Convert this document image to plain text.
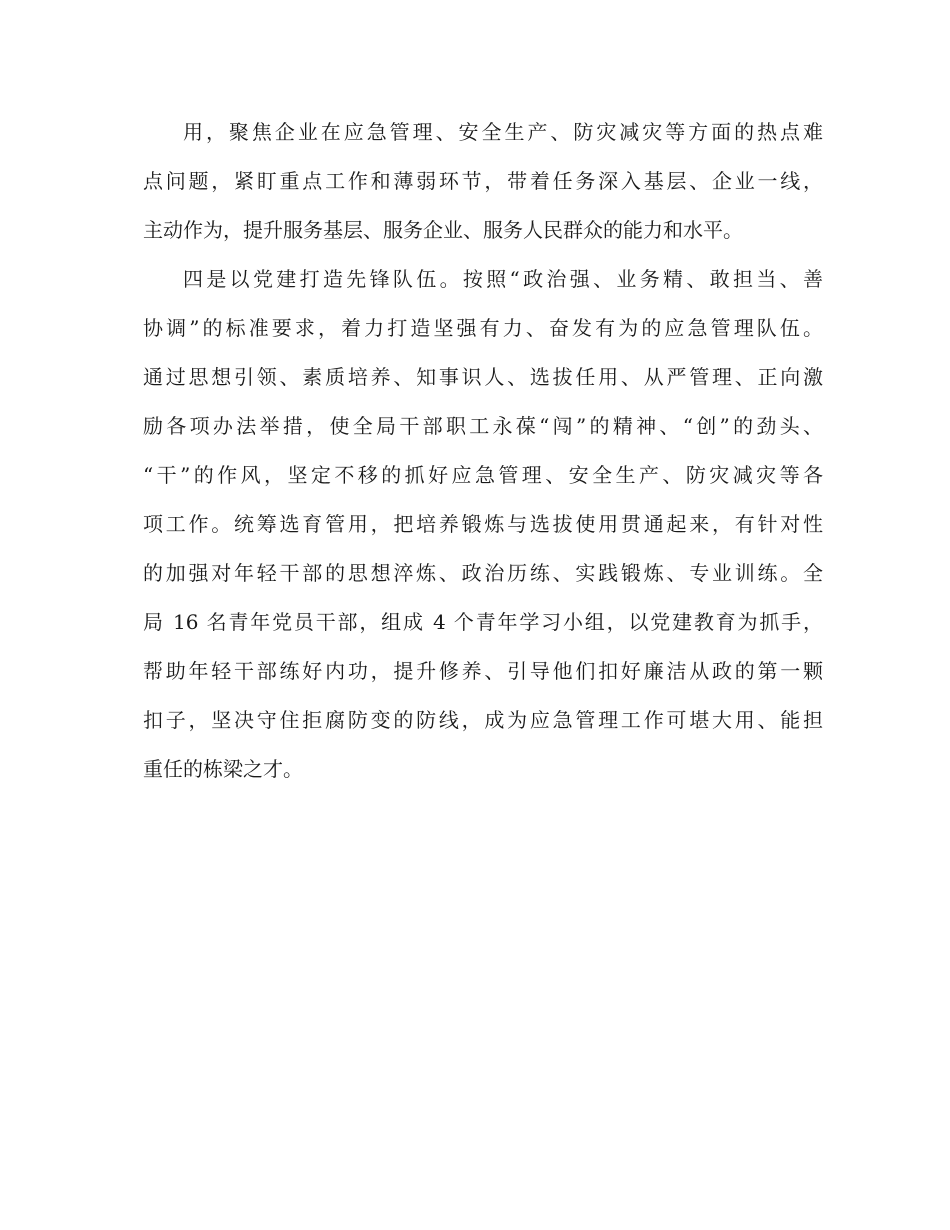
用，聚焦企业在应急管理、安全生产、防灾减灾等方面的热点难
点问题，紧盯重点工作和薄弱环节，带着任务深入基层、企业一线，
主动作为，提升服务基层、服务企业、服务人民群众的能力和水平。
四是以党建打造先锋队伍。按照“政治强、业务精、敢担当、善
协调”的标准要求，着力打造坚强有力、奋发有为的应急管理队伍。
通过思想引领、素质培养、知事识人、选拔任用、从严管理、正向激
励各项办法举措，使全局干部职工永葆“闯”的精神、“创”的劲头、
“干”的作风，坚定不移的抓好应急管理、安全生产、防灾减灾等各
项工作。统筹选育管用，把培养锻炼与选拔使用贯通起来，有针对性
的加强对年轻干部的思想淬炼、政治历练、实践锻炼、专业训练。全
局 16 名青年党员干部，组成 4 个青年学习小组，以党建教育为抓手，
帮助年轻干部练好内功，提升修养、引导他们扣好廉洁从政的第一颗
扣子，坚决守住拒腐防变的防线，成为应急管理工作可堪大用、能担
重任的栋梁之才。
